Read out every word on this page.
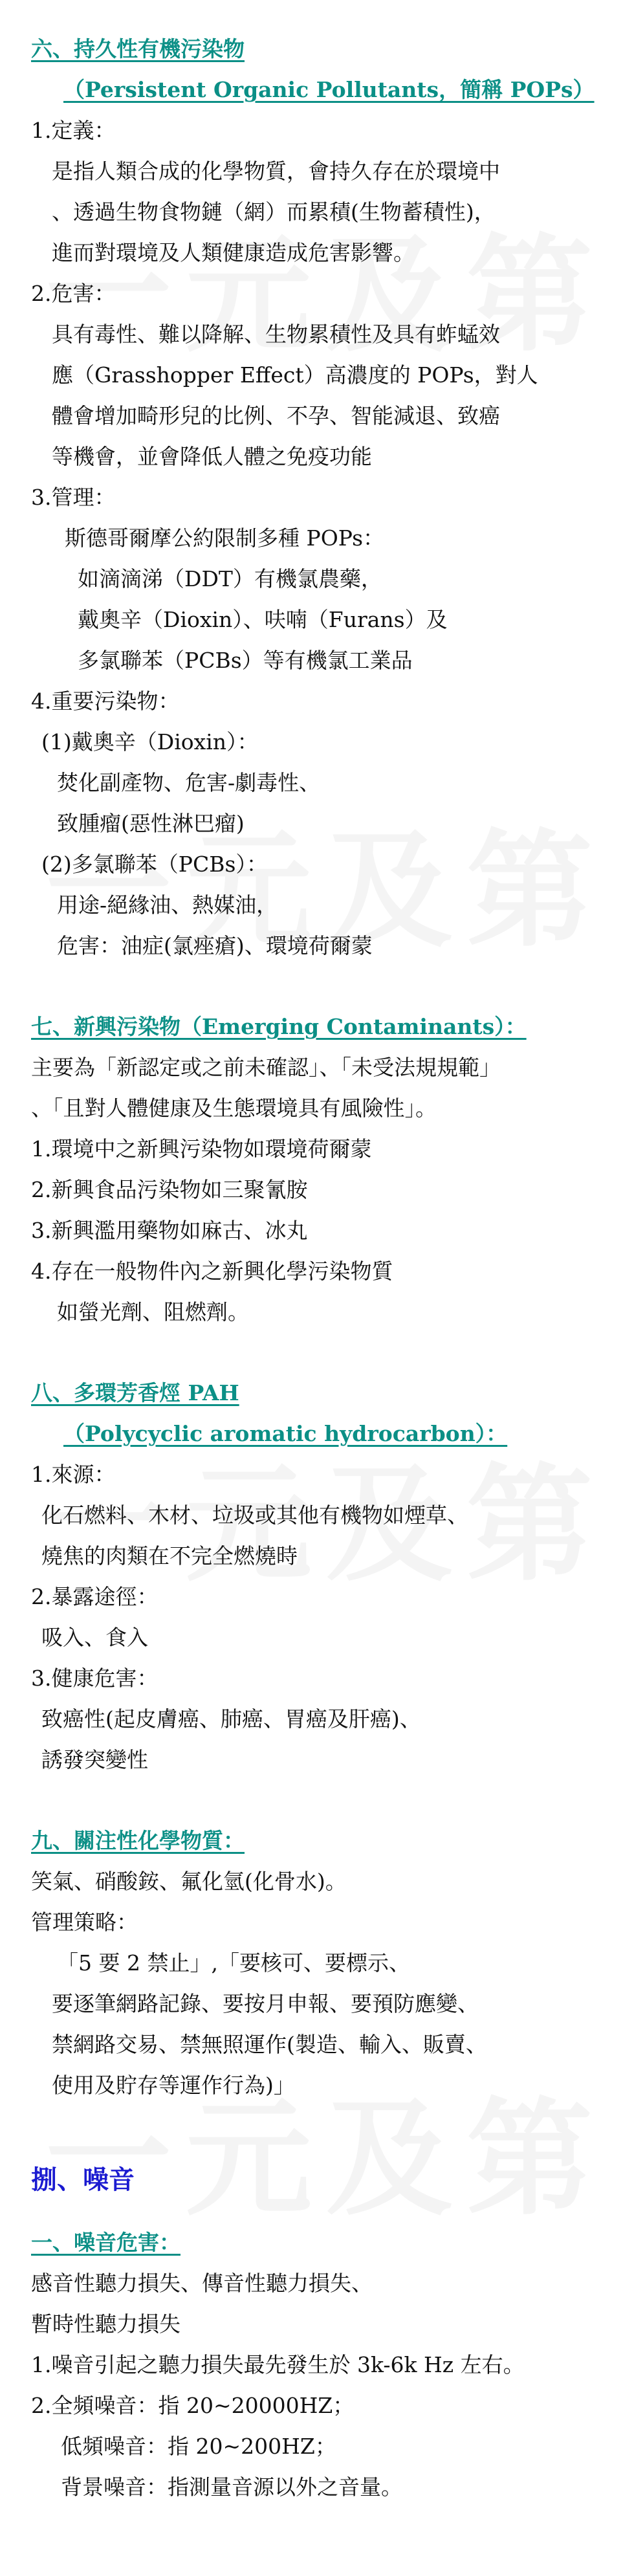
六、持久性有機污染物
（Persistent Organic Pollutants，簡稱 POPs）
1.定義：
是指人類合成的化學物質，會持久存在於環境中
、透過生物食物鏈（網）而累積(生物蓄積性)，
進而對環境及人類健康造成危害影響。
2.危害：
具有毒性、難以降解、生物累積性及具有蚱蜢效
應（Grasshopper Effect）高濃度的 POPs，對人
體會增加畸形兒的比例、不孕、智能減退、致癌
等機會，並會降低人體之免疫功能
3.管理：
斯德哥爾摩公約限制多種 POPs：
如滴滴涕（DDT）有機氯農藥，
戴奧辛（Dioxin）、呋喃（Furans）及
多氯聯苯（PCBs）等有機氯工業品
4.重要污染物：
(1)戴奧辛（Dioxin）：
焚化副產物、危害-劇毒性、
致腫瘤(惡性淋巴瘤)
(2)多氯聯苯（PCBs）：
用途-絕緣油、熱媒油，
危害：油症(氯痤瘡)、環境荷爾蒙
七、新興污染物（Emerging Contaminants）：
主要為「新認定或之前未確認」、「未受法規規範」
、「且對人體健康及生態環境具有風險性」。
1.環境中之新興污染物如環境荷爾蒙
2.新興食品污染物如三聚氰胺
3.新興濫用藥物如麻古、冰丸
4.存在一般物件內之新興化學污染物質
如螢光劑、阻燃劑。
八、多環芳香烴 PAH
（Polycyclic aromatic hydrocarbon）：
1.來源：
化石燃料、木材、垃圾或其他有機物如煙草、
燒焦的肉類在不完全燃燒時
2.暴露途徑：
吸入、食入
3.健康危害：
致癌性(起皮膚癌、肺癌、胃癌及肝癌)、
誘發突變性
九、關注性化學物質：
笑氣、硝酸銨、氟化氫(化骨水)。
管理策略：
「5 要 2 禁止」,「要核可、要標示、
要逐筆網路記錄、要按月申報、要預防應變、
禁網路交易、禁無照運作(製造、輸入、販賣、
使用及貯存等運作行為)」
捌、噪音
一、噪音危害：
感音性聽力損失、傳音性聽力損失、
暫時性聽力損失
1.噪音引起之聽力損失最先發生於 3k-6k Hz 左右。
2.全頻噪音：指 20~20000HZ；
低頻噪音：指 20~200HZ；
背景噪音：指測量音源以外之音量。
